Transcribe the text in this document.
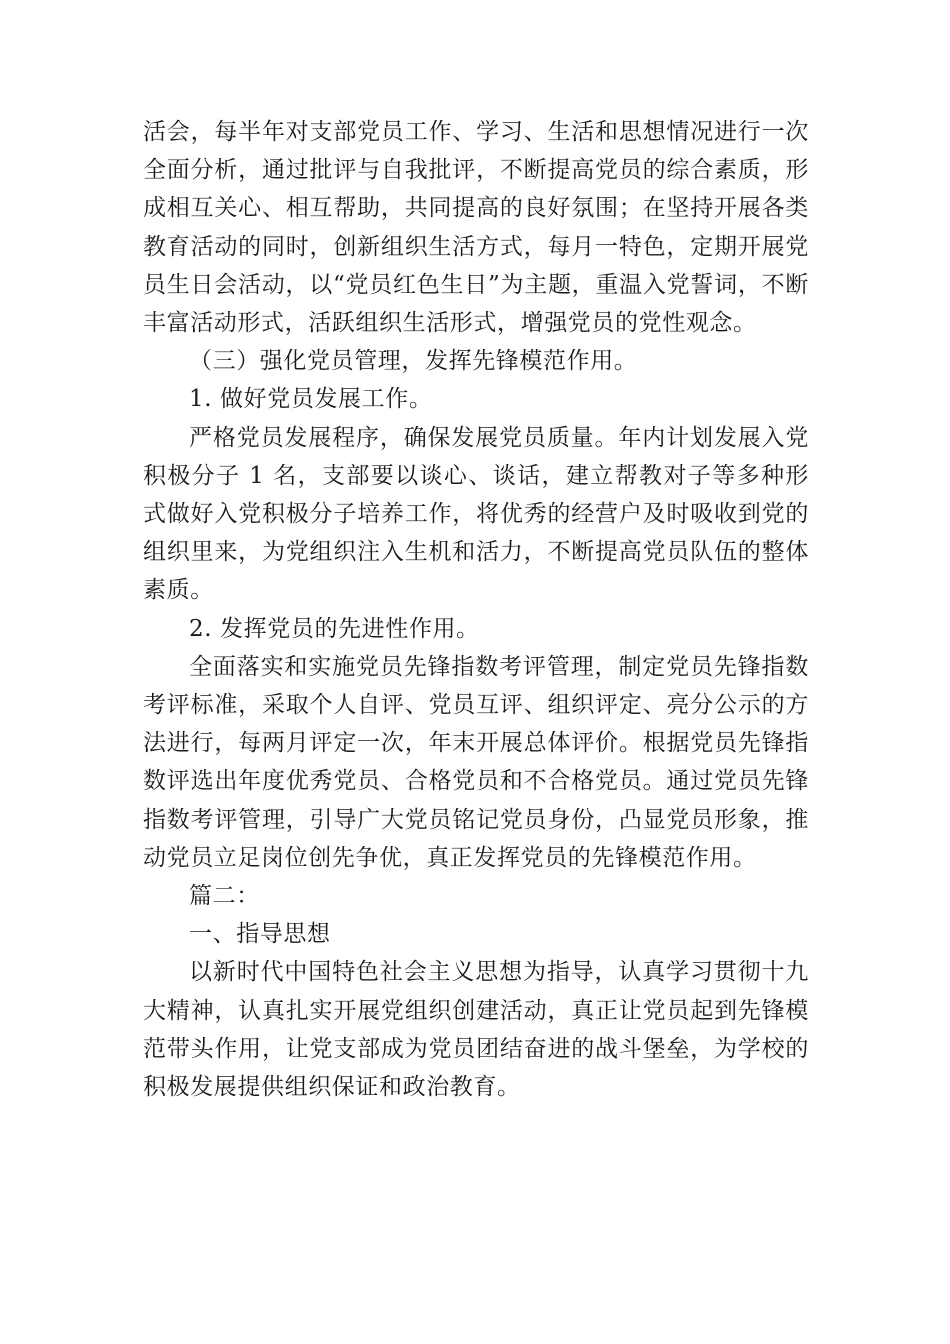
活会，每半年对支部党员工作、学习、生活和思想情况进行一次全面分析，通过批评与自我批评，不断提高党员的综合素质，形成相互关心、相互帮助，共同提高的良好氛围；在坚持开展各类教育活动的同时，创新组织生活方式，每月一特色，定期开展党员生日会活动，以“党员红色生日”为主题，重温入党誓词，不断丰富活动形式，活跃组织生活形式，增强党员的党性观念。

（三）强化党员管理，发挥先锋模范作用。

1. 做好党员发展工作。

严格党员发展程序，确保发展党员质量。年内计划发展入党积极分子 1 名，支部要以谈心、谈话，建立帮教对子等多种形式做好入党积极分子培养工作，将优秀的经营户及时吸收到党的组织里来，为党组织注入生机和活力，不断提高党员队伍的整体素质。

2. 发挥党员的先进性作用。

全面落实和实施党员先锋指数考评管理，制定党员先锋指数考评标准，采取个人自评、党员互评、组织评定、亮分公示的方法进行，每两月评定一次，年末开展总体评价。根据党员先锋指数评选出年度优秀党员、合格党员和不合格党员。通过党员先锋指数考评管理，引导广大党员铭记党员身份，凸显党员形象，推动党员立足岗位创先争优，真正发挥党员的先锋模范作用。

篇二：

一、指导思想

以新时代中国特色社会主义思想为指导，认真学习贯彻十九大精神，认真扎实开展党组织创建活动，真正让党员起到先锋模范带头作用，让党支部成为党员团结奋进的战斗堡垒，为学校的积极发展提供组织保证和政治教育。
